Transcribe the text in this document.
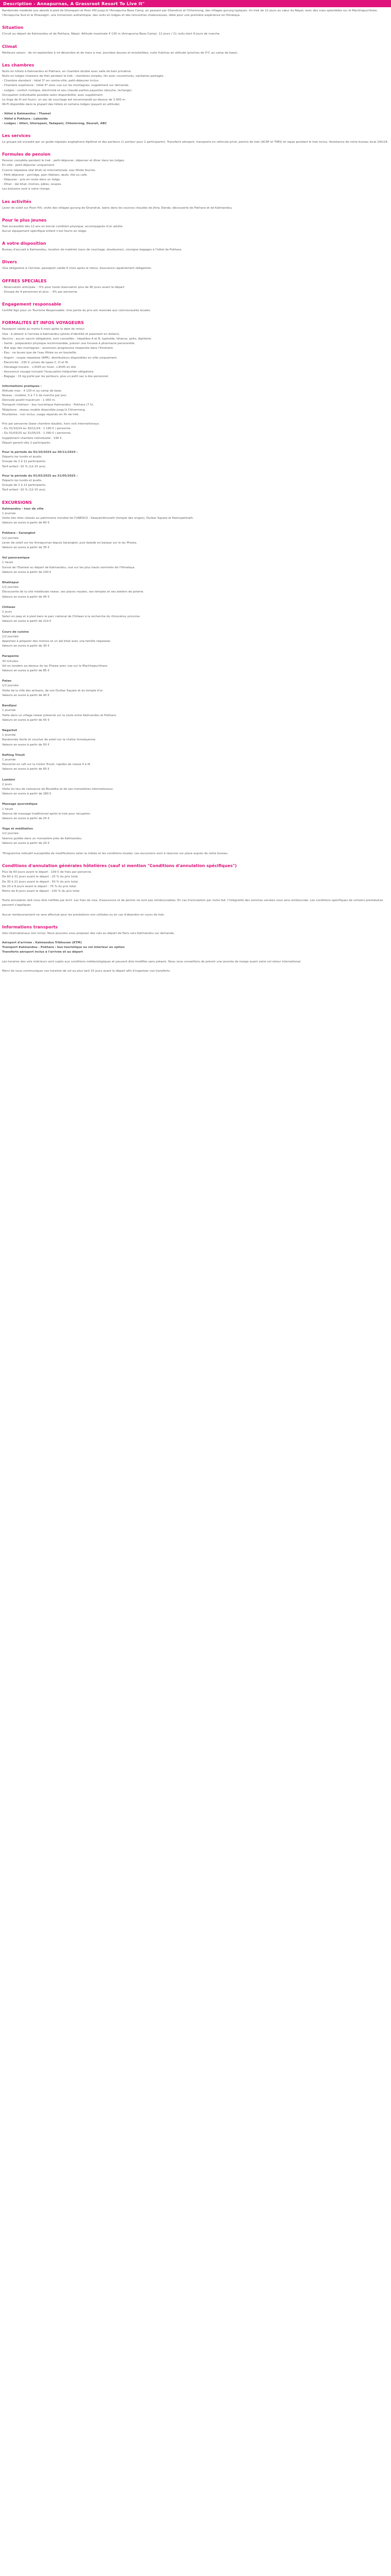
Description - Annapurnas, A Grassroot Resort To Live It"

Randonnée modérée aux abords à pied de Ghorepani et Poon Hill jusqu'à l'Annapurna Base Camp, en passant par Ghandruk et Chhomrong, des villages gurung typiques. Un trek de 12 jours au cœur du Népal, avec des vues splendides sur le Machhapuchhare, l'Annapurna Sud et le Dhaulagiri, une immersion authentique, des nuits en lodges et des rencontres chaleureuses, idéal pour une première expérience en Himalaya.

Situation

Circuit au départ de Katmandou et de Pokhara, Népal. Altitude maximale 4 130 m (Annapurna Base Camp). 12 jours / 11 nuits dont 9 jours de marche.

Climat

Meilleure saison : de mi-septembre à mi-décembre et de mars à mai. Journées douces et ensoleillées, nuits fraîches en altitude (proches de 0°C au camp de base).

Les chambres

Nuits en hôtels à Katmandou et Pokhara, en chambre double avec salle de bain privative.

Nuits en lodges (maisons de thé) pendant le trek : chambres simples, lits avec couvertures, sanitaires partagés.

- Chambre standard : hôtel 3* en centre-ville, petit-déjeuner inclus.

- Chambre supérieure : hôtel 4* avec vue sur les montagnes, supplément sur demande.

- Lodges : confort rustique, électricité et eau chaude parfois payantes (douche, recharge).

Occupation individuelle possible selon disponibilité, avec supplément.

Le linge de lit est fourni, un sac de couchage est recommandé au-dessus de 3 000 m.

Wi-Fi disponible dans la plupart des hôtels et certains lodges (payant en altitude).

- Hôtel à Katmandou : Thamel

- Hôtel à Pokhara : Lakeside

- Lodges : Ulleri, Ghorepani, Tadapani, Chhomrong, Deurali, ABC

Les services

Le groupe est encadré par un guide népalais anglophone diplômé et des porteurs (1 porteur pour 2 participants). Transferts aéroport, transports en véhicule privé, permis de trek (ACAP et TIMS) et repas pendant le trek inclus. Assistance de notre bureau local 24h/24.

Formules de pension

Pension complète pendant le trek : petit-déjeuner, déjeuner et dîner dans les lodges.

En ville : petit-déjeuner uniquement.

Cuisine népalaise (dal bhat) et internationale, eau filtrée fournie.

- Petit-déjeuner : porridge, pain tibétain, œufs, thé ou café.

- Déjeuner : pris en route dans un lodge.

- Dîner : dal bhat, momos, pâtes, soupes.

Les boissons sont à votre charge.

Les activités

Lever de soleil sur Poon Hill, visite des villages gurung de Ghandruk, bains dans les sources chaudes de Jhinu Danda, découverte de Pokhara et de Katmandou.

Pour le plus jeunes

Trek accessible dès 12 ans en bonne condition physique, accompagnés d'un adulte.

Aucun équipement spécifique enfant n'est fourni en lodge.

A votre disposition

Bureau d'accueil à Katmandou, location de matériel (sacs de couchage, doudounes), consigne bagages à l'hôtel de Pokhara.

Divers

Visa obligatoire à l'arrivée, passeport valide 6 mois après le retour. Assurance rapatriement obligatoire.

OFFRES SPECIALES

- Réservation anticipée : -5% pour toute réservation plus de 90 jours avant le départ.

- Groupe de 4 personnes et plus : -3% par personne.

Engagement responsable

Certifié Agir pour un Tourisme Responsable. Une partie du prix est reversée aux communautés locales.

FORMALITES ET INFOS VOYAGEURS

Passeport valide au moins 6 mois après la date de retour.

Visa : à obtenir à l'arrivée à Katmandou (photo d'identité et paiement en dollars).

Vaccins : aucun vaccin obligatoire, sont conseillés : hépatites A et B, typhoïde, tétanos, polio, diphtérie.

- Santé : préparation physique recommandée, prévoir une trousse à pharmacie personnelle.

- Mal aigu des montagnes : ascension progressive respectée dans l'itinéraire.

- Eau : ne buvez que de l'eau filtrée ou en bouteille.

- Argent : roupie népalaise (NPR), distributeurs disponibles en ville uniquement.

- Électricité : 230 V, prises de types C, D et M.

- Décalage horaire : +3h45 en hiver, +4h45 en été.

- Assurance voyage incluant l'évacuation héliportée obligatoire.

- Bagage : 15 kg porté par les porteurs, plus un petit sac à dos personnel.

Informations pratiques :

Altitude max : 4 130 m au camp de base.

Niveau : modéré, 5 à 7 h de marche par jour.

Dénivelé positif maximum : 1 000 m.

Transport intérieur : bus touristique Katmandou - Pokhara (7 h).

Téléphone : réseau mobile disponible jusqu'à Chhomrong.

Pourboires : non inclus, usage répandu en fin de trek.

Prix par personne (base chambre double), hors vols internationaux.

- Du 01/10/24 au 30/11/24 : 1 190 € / personne.

- Du 01/03/25 au 31/05/25 : 1 090 € / personne.

Supplément chambre individuelle : 190 €.

Départ garanti dès 2 participants.

Pour la période du 01/10/2024 au 30/11/2024 :

Départs les lundis et jeudis.

Groupe de 2 à 12 participants.

Tarif enfant -10 % (12-15 ans).

Pour la période du 01/03/2025 au 31/05/2025 :

Départs les lundis et jeudis.

Groupe de 2 à 12 participants.

Tarif enfant -10 % (12-15 ans).

EXCURSIONS

Katmandou - tour de ville

1 journée

Visite des sites classés au patrimoine mondial de l'UNESCO : Swayambhunath (temple des singes), Durbar Square et Pashupatinath.

Valeurs en euros à partir de 60 €

Pokhara - Sarangkot

1/2 journée

Lever de soleil sur les Annapurnas depuis Sarangkot, puis balade en barque sur le lac Phewa.

Valeurs en euros à partir de 35 €

Vol panoramique

1 heure

Survol de l'Everest au départ de Katmandou, vue sur les plus hauts sommets de l'Himalaya.

Valeurs en euros à partir de 230 €

Bhaktapur

1/2 journée

Découverte de la cité médiévale newar, ses places royales, ses temples et ses ateliers de poterie.

Valeurs en euros à partir de 45 €

Chitwan

2 jours

Safari en jeep et à pied dans le parc national de Chitwan à la recherche du rhinocéros unicorne.

Valeurs en euros à partir de 210 €

Cours de cuisine

1/2 journée

Apprenez à préparer des momos et un dal bhat avec une famille népalaise.

Valeurs en euros à partir de 30 €

Parapente

30 minutes

Vol en tandem au-dessus du lac Phewa avec vue sur le Machhapuchhare.

Valeurs en euros à partir de 85 €

Patan

1/2 journée

Visite de la ville des artisans, de son Durbar Square et du temple d'or.

Valeurs en euros à partir de 40 €

Bandipur

1 journée

Halte dans un village newar préservé sur la route entre Katmandou et Pokhara.

Valeurs en euros à partir de 55 €

Nagarkot

1 journée

Randonnée facile et coucher de soleil sur la chaîne himalayenne.

Valeurs en euros à partir de 50 €

Rafting Trisuli

1 journée

Descente en raft sur la rivière Trisuli, rapides de classe II à III.

Valeurs en euros à partir de 65 €

Lumbini

2 jours

Visite du lieu de naissance de Bouddha et de ses monastères internationaux.

Valeurs en euros à partir de 180 €

Massage ayurvédique

1 heure

Séance de massage traditionnel après le trek pour récupérer.

Valeurs en euros à partir de 25 €

Yoga et méditation

1/2 journée

Séance guidée dans un monastère près de Katmandou.

Valeurs en euros à partir de 20 €

*Programme indicatif susceptible de modifications selon la météo et les conditions locales. Les excursions sont à réserver sur place auprès de notre bureau.

Conditions d'annulation générales hôtelières (sauf si mention "Conditions d'annulation spécifiques")

Plus de 60 jours avant le départ : 100 € de frais par personne.

De 60 à 31 jours avant le départ : 25 % du prix total.

De 30 à 21 jours avant le départ : 50 % du prix total.

De 20 à 8 jours avant le départ : 75 % du prix total.

Moins de 8 jours avant le départ : 100 % du prix total.

Toute annulation doit nous être notifiée par écrit. Les frais de visa, d'assurance et de permis ne sont pas remboursables. En cas d'annulation par notre fait, l'intégralité des sommes versées vous sera remboursée. Les conditions spécifiques de certains prestataires peuvent s'appliquer.

Aucun remboursement ne sera effectué pour les prestations non utilisées ou en cas d'abandon en cours de trek.

Informations transports

Vols internationaux non inclus. Nous pouvons vous proposer des vols au départ de Paris vers Katmandou sur demande.

Aéroport d'arrivée : Katmandou Tribhuvan (KTM)

Transport Katmandou - Pokhara : bus touristique ou vol intérieur en option

Transferts aéroport inclus à l'arrivée et au départ

Les horaires des vols intérieurs sont sujets aux conditions météorologiques et peuvent être modifiés sans préavis. Nous vous conseillons de prévoir une journée de marge avant votre vol retour international.

Merci de nous communiquer vos horaires de vol au plus tard 15 jours avant le départ afin d'organiser vos transferts.
